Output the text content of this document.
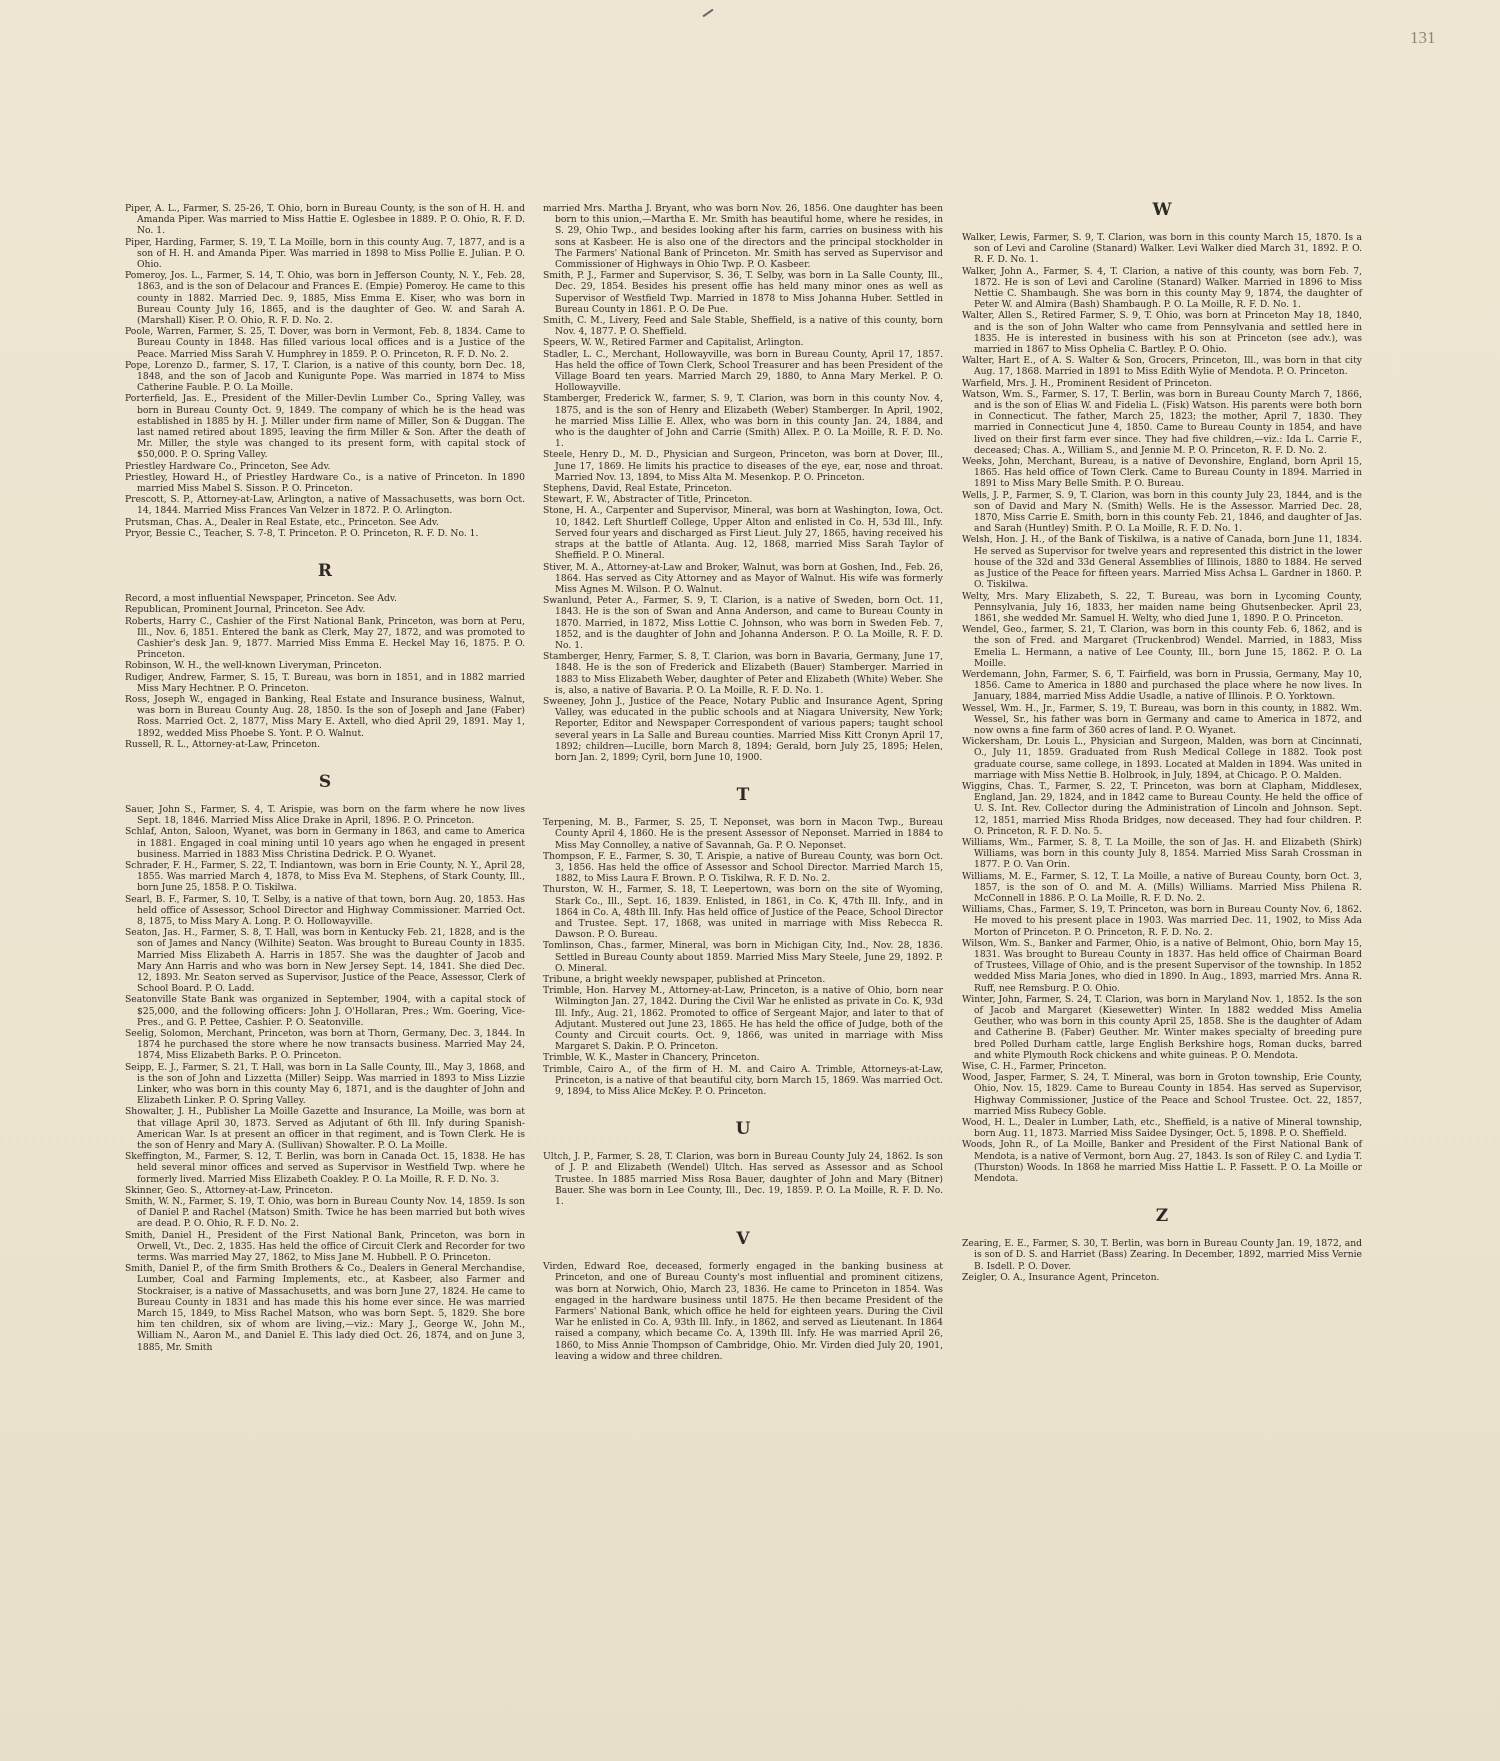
131

Piper, A. L., Farmer, S. 25-26, T. Ohio, born in Bureau County, is the son of H. H. and Amanda Piper. Was married to Miss Hattie E. Oglesbee in 1889. P. O. Ohio, R. F. D. No. 1.

Piper, Harding, Farmer, S. 19, T. La Moille, born in this county Aug. 7, 1877, and is a son of H. H. and Amanda Piper. Was married in 1898 to Miss Pollie E. Julian. P. O. Ohio.

Pomeroy, Jos. L., Farmer, S. 14, T. Ohio, was born in Jefferson County, N. Y., Feb. 28, 1863, and is the son of Delacour and Frances E. (Empie) Pomeroy. He came to this county in 1882. Married Dec. 9, 1885, Miss Emma E. Kiser, who was born in Bureau County July 16, 1865, and is the daughter of Geo. W. and Sarah A. (Marshall) Kiser. P. O. Ohio, R. F. D. No. 2.

Poole, Warren, Farmer, S. 25, T. Dover, was born in Vermont, Feb. 8, 1834. Came to Bureau County in 1848. Has filled various local offices and is a Justice of the Peace. Married Miss Sarah V. Humphrey in 1859. P. O. Princeton, R. F. D. No. 2.

Pope, Lorenzo D., farmer, S. 17, T. Clarion, is a native of this county, born Dec. 18, 1848, and the son of Jacob and Kunigunte Pope. Was married in 1874 to Miss Catherine Fauble. P. O. La Moille.

Porterfield, Jas. E., President of the Miller-Devlin Lumber Co., Spring Valley, was born in Bureau County Oct. 9, 1849. The company of which he is the head was established in 1885 by H. J. Miller under firm name of Miller, Son & Duggan. The last named retired about 1895, leaving the firm Miller & Son. After the death of Mr. Miller, the style was changed to its present form, with capital stock of $50,000. P. O. Spring Valley.

Priestley Hardware Co., Princeton, See Adv.

Priestley, Howard H., of Priestley Hardware Co., is a native of Princeton. In 1890 married Miss Mabel S. Sisson. P. O. Princeton.

Prescott, S. P., Attorney-at-Law, Arlington, a native of Massachusetts, was born Oct. 14, 1844. Married Miss Frances Van Velzer in 1872. P. O. Arlington.

Prutsman, Chas. A., Dealer in Real Estate, etc., Princeton. See Adv.

Pryor, Bessie C., Teacher, S. 7-8, T. Princeton. P. O. Princeton, R. F. D. No. 1.

R

Record, a most influential Newspaper, Princeton. See Adv.

Republican, Prominent Journal, Princeton. See Adv.

Roberts, Harry C., Cashier of the First National Bank, Princeton, was born at Peru, Ill., Nov. 6, 1851. Entered the bank as Clerk, May 27, 1872, and was promoted to Cashier's desk Jan. 9, 1877. Married Miss Emma E. Heckel May 16, 1875. P. O. Princeton.

Robinson, W. H., the well-known Liveryman, Princeton.

Rudiger, Andrew, Farmer, S. 15, T. Bureau, was born in 1851, and in 1882 married Miss Mary Hechtner. P. O. Princeton.

Ross, Joseph W., engaged in Banking, Real Estate and Insurance business, Walnut, was born in Bureau County Aug. 28, 1850. Is the son of Joseph and Jane (Faber) Ross. Married Oct. 2, 1877, Miss Mary E. Axtell, who died April 29, 1891. May 1, 1892, wedded Miss Phoebe S. Yont. P. O. Walnut.

Russell, R. L., Attorney-at-Law, Princeton.

S

Sauer, John S., Farmer, S. 4, T. Arispie, was born on the farm where he now lives Sept. 18, 1846. Married Miss Alice Drake in April, 1896. P. O. Princeton.

Schlaf, Anton, Saloon, Wyanet, was born in Germany in 1863, and came to America in 1881. Engaged in coal mining until 10 years ago when he engaged in present business. Married in 1883 Miss Christina Dedrick. P. O. Wyanet.

Schrader, F. H., Farmer, S. 22, T. Indiantown, was born in Erie County, N. Y., April 28, 1855. Was married March 4, 1878, to Miss Eva M. Stephens, of Stark County, Ill., born June 25, 1858. P. O. Tiskilwa.

Searl, B. F., Farmer, S. 10, T. Selby, is a native of that town, born Aug. 20, 1853. Has held office of Assessor, School Director and Highway Commissioner. Married Oct. 8, 1875, to Miss Mary A. Long. P. O. Hollowayville.

Seaton, Jas. H., Farmer, S. 8, T. Hall, was born in Kentucky Feb. 21, 1828, and is the son of James and Nancy (Wilhite) Seaton. Was brought to Bureau County in 1835. Married Miss Elizabeth A. Harris in 1857. She was the daughter of Jacob and Mary Ann Harris and who was born in New Jersey Sept. 14, 1841. She died Dec. 12, 1893. Mr. Seaton served as Supervisor, Justice of the Peace, Assessor, Clerk of School Board. P. O. Ladd.

Seatonville State Bank was organized in September, 1904, with a capital stock of $25,000, and the following officers: John J. O'Hollaran, Pres.; Wm. Goering, Vice-Pres., and G. P. Pettee, Cashier. P. O. Seatonville.

Seelig, Solomon, Merchant, Princeton, was born at Thorn, Germany, Dec. 3, 1844. In 1874 he purchased the store where he now transacts business. Married May 24, 1874, Miss Elizabeth Barks. P. O. Princeton.

Seipp, E. J., Farmer, S. 21, T. Hall, was born in La Salle County, Ill., May 3, 1868, and is the son of John and Lizzetta (Miller) Seipp. Was married in 1893 to Miss Lizzie Linker, who was born in this county May 6, 1871, and is the daughter of John and Elizabeth Linker. P. O. Spring Valley.

Showalter, J. H., Publisher La Moille Gazette and Insurance, La Moille, was born at that village April 30, 1873. Served as Adjutant of 6th Ill. Infy during Spanish-American War. Is at present an officer in that regiment, and is Town Clerk. He is the son of Henry and Mary A. (Sullivan) Showalter. P. O. La Moille.

Skeffington, M., Farmer, S. 12, T. Berlin, was born in Canada Oct. 15, 1838. He has held several minor offices and served as Supervisor in Westfield Twp. where he formerly lived. Married Miss Elizabeth Coakley. P. O. La Moille, R. F. D. No. 3.

Skinner, Geo. S., Attorney-at-Law, Princeton.

Smith, W. N., Farmer, S. 19, T. Ohio, was born in Bureau County Nov. 14, 1859. Is son of Daniel P. and Rachel (Matson) Smith. Twice he has been married but both wives are dead. P. O. Ohio, R. F. D. No. 2.

Smith, Daniel H., President of the First National Bank, Princeton, was born in Orwell, Vt., Dec. 2, 1835. Has held the office of Circuit Clerk and Recorder for two terms. Was married May 27, 1862, to Miss Jane M. Hubbell. P. O. Princeton.

Smith, Daniel P., of the firm Smith Brothers & Co., Dealers in General Merchandise, Lumber, Coal and Farming Implements, etc., at Kasbeer, also Farmer and Stockraiser, is a native of Massachusetts, and was born June 27, 1824. He came to Bureau County in 1831 and has made this his home ever since. He was married March 15, 1849, to Miss Rachel Matson, who was born Sept. 5, 1829. She bore him ten children, six of whom are living,—viz.: Mary J., George W., John M., William N., Aaron M., and Daniel E. This lady died Oct. 26, 1874, and on June 3, 1885, Mr. Smith

married Mrs. Martha J. Bryant, who was born Nov. 26, 1856. One daughter has been born to this union,—Martha E. Mr. Smith has beautiful home, where he resides, in S. 29, Ohio Twp., and besides looking after his farm, carries on business with his sons at Kasbeer. He is also one of the directors and the principal stockholder in The Farmers' National Bank of Princeton. Mr. Smith has served as Supervisor and Commissioner of Highways in Ohio Twp. P. O. Kasbeer.

Smith, P. J., Farmer and Supervisor, S. 36, T. Selby, was born in La Salle County, Ill., Dec. 29, 1854. Besides his present offie has held many minor ones as well as Supervisor of Westfield Twp. Married in 1878 to Miss Johanna Huber. Settled in Bureau County in 1861. P. O. De Pue.

Smith, C. M., Livery, Feed and Sale Stable, Sheffield, is a native of this county, born Nov. 4, 1877. P. O. Sheffield.

Speers, W. W., Retired Farmer and Capitalist, Arlington.

Stadler, L. C., Merchant, Hollowayville, was born in Bureau County, April 17, 1857. Has held the office of Town Clerk, School Treasurer and has been President of the Village Board ten years. Married March 29, 1880, to Anna Mary Merkel. P. O. Hollowayville.

Stamberger, Frederick W., farmer, S. 9, T. Clarion, was born in this county Nov. 4, 1875, and is the son of Henry and Elizabeth (Weber) Stamberger. In April, 1902, he married Miss Lillie E. Allex, who was born in this county Jan. 24, 1884, and who is the daughter of John and Carrie (Smith) Allex. P. O. La Moille, R. F. D. No. 1.

Steele, Henry D., M. D., Physician and Surgeon, Princeton, was born at Dover, Ill., June 17, 1869. He limits his practice to diseases of the eye, ear, nose and throat. Married Nov. 13, 1894, to Miss Alta M. Mesenkop. P. O. Princeton.

Stephens, David, Real Estate, Princeton.

Stewart, F. W., Abstracter of Title, Princeton.

Stone, H. A., Carpenter and Supervisor, Mineral, was born at Washington, Iowa, Oct. 10, 1842. Left Shurtleff College, Upper Alton and enlisted in Co. H, 53d Ill., Infy. Served four years and discharged as First Lieut. July 27, 1865, having received his straps at the battle of Atlanta. Aug. 12, 1868, married Miss Sarah Taylor of Sheffield. P. O. Mineral.

Stiver, M. A., Attorney-at-Law and Broker, Walnut, was born at Goshen, Ind., Feb. 26, 1864. Has served as City Attorney and as Mayor of Walnut. His wife was formerly Miss Agnes M. Wilson. P. O. Walnut.

Swanlund, Peter A., Farmer, S. 9, T. Clarion, is a native of Sweden, born Oct. 11, 1843. He is the son of Swan and Anna Anderson, and came to Bureau County in 1870. Married, in 1872, Miss Lottie C. Johnson, who was born in Sweden Feb. 7, 1852, and is the daughter of John and Johanna Anderson. P. O. La Moille, R. F. D. No. 1.

Stamberger, Henry, Farmer, S. 8, T. Clarion, was born in Bavaria, Germany, June 17, 1848. He is the son of Frederick and Elizabeth (Bauer) Stamberger. Married in 1883 to Miss Elizabeth Weber, daughter of Peter and Elizabeth (White) Weber. She is, also, a native of Bavaria. P. O. La Moille, R. F. D. No. 1.

Sweeney, John J., Justice of the Peace, Notary Public and Insurance Agent, Spring Valley, was educated in the public schools and at Niagara University, New York; Reporter, Editor and Newspaper Correspondent of various papers; taught school several years in La Salle and Bureau counties. Married Miss Kitt Cronyn April 17, 1892; children—Lucille, born March 8, 1894; Gerald, born July 25, 1895; Helen, born Jan. 2, 1899; Cyril, born June 10, 1900.

T

Terpening, M. B., Farmer, S. 25, T. Neponset, was born in Macon Twp., Bureau County April 4, 1860. He is the present Assessor of Neponset. Married in 1884 to Miss May Connolley, a native of Savannah, Ga. P. O. Neponset.

Thompson, F. E., Farmer, S. 30, T. Arispie, a native of Bureau County, was born Oct. 3, 1856. Has held the office of Assessor and School Director. Married March 15, 1882, to Miss Laura F. Brown. P. O. Tiskilwa, R. F. D. No. 2.

Thurston, W. H., Farmer, S. 18, T. Leepertown, was born on the site of Wyoming, Stark Co., Ill., Sept. 16, 1839. Enlisted, in 1861, in Co. K, 47th Ill. Infy., and in 1864 in Co. A, 48th Ill. Infy. Has held office of Justice of the Peace, School Director and Trustee. Sept. 17, 1868, was united in marriage with Miss Rebecca R. Dawson. P. O. Bureau.

Tomlinson, Chas., farmer, Mineral, was born in Michigan City, Ind., Nov. 28, 1836. Settled in Bureau County about 1859. Married Miss Mary Steele, June 29, 1892. P. O. Mineral.

Tribune, a bright weekly newspaper, published at Princeton.

Trimble, Hon. Harvey M., Attorney-at-Law, Princeton, is a native of Ohio, born near Wilmington Jan. 27, 1842. During the Civil War he enlisted as private in Co. K, 93d Ill. Infy., Aug. 21, 1862. Promoted to office of Sergeant Major, and later to that of Adjutant. Mustered out June 23, 1865. He has held the office of Judge, both of the County and Circuit courts. Oct. 9, 1866, was united in marriage with Miss Margaret S. Dakin. P. O. Princeton.

Trimble, W. K., Master in Chancery, Princeton.

Trimble, Cairo A., of the firm of H. M. and Cairo A. Trimble, Attorneys-at-Law, Princeton, is a native of that beautiful city, born March 15, 1869. Was married Oct. 9, 1894, to Miss Alice McKey. P. O. Princeton.

U

Ultch, J. P., Farmer, S. 28, T. Clarion, was born in Bureau County July 24, 1862. Is son of J. P. and Elizabeth (Wendel) Ultch. Has served as Assessor and as School Trustee. In 1885 married Miss Rosa Bauer, daughter of John and Mary (Bitner) Bauer. She was born in Lee County, Ill., Dec. 19, 1859. P. O. La Moille, R. F. D. No. 1.

V

Virden, Edward Roe, deceased, formerly engaged in the banking business at Princeton, and one of Bureau County's most influential and prominent citizens, was born at Norwich, Ohio, March 23, 1836. He came to Princeton in 1854. Was engaged in the hardware business until 1875. He then became President of the Farmers' National Bank, which office he held for eighteen years. During the Civil War he enlisted in Co. A, 93th Ill. Infy., in 1862, and served as Lieutenant. In 1864 raised a company, which became Co. A, 139th Ill. Infy. He was married April 26, 1860, to Miss Annie Thompson of Cambridge, Ohio. Mr. Virden died July 20, 1901, leaving a widow and three children.

W

Walker, Lewis, Farmer, S. 9, T. Clarion, was born in this county March 15, 1870. Is a son of Levi and Caroline (Stanard) Walker. Levi Walker died March 31, 1892. P. O. R. F. D. No. 1.

Walker, John A., Farmer, S. 4, T. Clarion, a native of this county, was born Feb. 7, 1872. He is son of Levi and Caroline (Stanard) Walker. Married in 1896 to Miss Nettie C. Shambaugh. She was born in this county May 9, 1874, the daughter of Peter W. and Almira (Bash) Shambaugh. P. O. La Moille, R. F. D. No. 1.

Walter, Allen S., Retired Farmer, S. 9, T. Ohio, was born at Princeton May 18, 1840, and is the son of John Walter who came from Pennsylvania and settled here in 1835. He is interested in business with his son at Princeton (see adv.), was married in 1867 to Miss Ophelia C. Bartley. P. O. Ohio.

Walter, Hart E., of A. S. Walter & Son, Grocers, Princeton, Ill., was born in that city Aug. 17, 1868. Married in 1891 to Miss Edith Wylie of Mendota. P. O. Princeton.

Warfield, Mrs. J. H., Prominent Resident of Princeton.

Watson, Wm. S., Farmer, S. 17, T. Berlin, was born in Bureau County March 7, 1866, and is the son of Elias W. and Fidelia L. (Fisk) Watson. His parents were both born in Connecticut. The father, March 25, 1823; the mother, April 7, 1830. They married in Connecticut June 4, 1850. Came to Bureau County in 1854, and have lived on their first farm ever since. They had five children,—viz.: Ida L. Carrie F., deceased; Chas. A., William S., and Jennie M. P. O. Princeton, R. F. D. No. 2.

Weeks, John, Merchant, Bureau, is a native of Devonshire, England, born April 15, 1865. Has held office of Town Clerk. Came to Bureau County in 1894. Married in 1891 to Miss Mary Belle Smith. P. O. Bureau.

Wells, J. P., Farmer, S. 9, T. Clarion, was born in this county July 23, 1844, and is the son of David and Mary N. (Smith) Wells. He is the Assessor. Married Dec. 28, 1870, Miss Carrie E. Smith, born in this county Feb. 21, 1846, and daughter of Jas. and Sarah (Huntley) Smith. P. O. La Moille, R. F. D. No. 1.

Welsh, Hon. J. H., of the Bank of Tiskilwa, is a native of Canada, born June 11, 1834. He served as Supervisor for twelve years and represented this district in the lower house of the 32d and 33d General Assemblies of Illinois, 1880 to 1884. He served as Justice of the Peace for fifteen years. Married Miss Achsa L. Gardner in 1860. P. O. Tiskilwa.

Welty, Mrs. Mary Elizabeth, S. 22, T. Bureau, was born in Lycoming County, Pennsylvania, July 16, 1833, her maiden name being Ghutsenbecker. April 23, 1861, she wedded Mr. Samuel H. Welty, who died June 1, 1890. P. O. Princeton.

Wendel, Geo., farmer, S. 21, T. Clarion, was born in this county Feb. 6, 1862, and is the son of Fred. and Margaret (Truckenbrod) Wendel. Married, in 1883, Miss Emelia L. Hermann, a native of Lee County, Ill., born June 15, 1862. P. O. La Moille.

Werdemann, John, Farmer, S. 6, T. Fairfield, was born in Prussia, Germany, May 10, 1856. Came to America in 1880 and purchased the place where he now lives. In January, 1884, married Miss Addie Usadle, a native of Illinois. P. O. Yorktown.

Wessel, Wm. H., Jr., Farmer, S. 19, T. Bureau, was born in this county, in 1882. Wm. Wessel, Sr., his father was born in Germany and came to America in 1872, and now owns a fine farm of 360 acres of land. P. O. Wyanet.

Wickersham, Dr. Louis L., Physician and Surgeon, Malden, was born at Cincinnati, O., July 11, 1859. Graduated from Rush Medical College in 1882. Took post graduate course, same college, in 1893. Located at Malden in 1894. Was united in marriage with Miss Nettie B. Holbrook, in July, 1894, at Chicago. P. O. Malden.

Wiggins, Chas. T., Farmer, S. 22, T. Princeton, was born at Clapham, Middlesex, England, Jan. 29, 1824, and in 1842 came to Bureau County. He held the office of U. S. Int. Rev. Collector during the Administration of Lincoln and Johnson. Sept. 12, 1851, married Miss Rhoda Bridges, now deceased. They had four children. P. O. Princeton, R. F. D. No. 5.

Williams, Wm., Farmer, S. 8, T. La Moille, the son of Jas. H. and Elizabeth (Shirk) Williams, was born in this county July 8, 1854. Married Miss Sarah Crossman in 1877. P. O. Van Orin.

Williams, M. E., Farmer, S. 12, T. La Moille, a native of Bureau County, born Oct. 3, 1857, is the son of O. and M. A. (Mills) Williams. Married Miss Philena R. McConnell in 1886. P. O. La Moille, R. F. D. No. 2.

Williams, Chas., Farmer, S. 19, T. Princeton, was born in Bureau County Nov. 6, 1862. He moved to his present place in 1903. Was married Dec. 11, 1902, to Miss Ada Morton of Princeton. P. O. Princeton, R. F. D. No. 2.

Wilson, Wm. S., Banker and Farmer, Ohio, is a native of Belmont, Ohio, born May 15, 1831. Was brought to Bureau County in 1837. Has held office of Chairman Board of Trustees, Village of Ohio, and is the present Supervisor of the township. In 1852 wedded Miss Maria Jones, who died in 1890. In Aug., 1893, married Mrs. Anna R. Ruff, nee Remsburg. P. O. Ohio.

Winter, John, Farmer, S. 24, T. Clarion, was born in Maryland Nov. 1, 1852. Is the son of Jacob and Margaret (Kiesewetter) Winter. In 1882 wedded Miss Amelia Geuther, who was born in this county April 25, 1858. She is the daughter of Adam and Catherine B. (Faber) Geuther. Mr. Winter makes specialty of breeding pure bred Polled Durham cattle, large English Berkshire hogs, Roman ducks, barred and white Plymouth Rock chickens and white guineas. P. O. Mendota.

Wise, C. H., Farmer, Princeton.

Wood, Jasper, Farmer, S. 24, T. Mineral, was born in Groton township, Erie County, Ohio, Nov. 15, 1829. Came to Bureau County in 1854. Has served as Supervisor, Highway Commissioner, Justice of the Peace and School Trustee. Oct. 22, 1857, married Miss Rubecy Goble.

Wood, H. L., Dealer in Lumber, Lath, etc., Sheffield, is a native of Mineral township, born Aug. 11, 1873. Married Miss Saidee Dysinger, Oct. 5, 1898. P. O. Sheffield.

Woods, John R., of La Moille, Banker and President of the First National Bank of Mendota, is a native of Vermont, born Aug. 27, 1843. Is son of Riley C. and Lydia T. (Thurston) Woods. In 1868 he married Miss Hattie L. P. Fassett. P. O. La Moille or Mendota.

Z

Zearing, E. E., Farmer, S. 30, T. Berlin, was born in Bureau County Jan. 19, 1872, and is son of D. S. and Harriet (Bass) Zearing. In December, 1892, married Miss Vernie B. Isdell. P. O. Dover.

Zeigler, O. A., Insurance Agent, Princeton.
